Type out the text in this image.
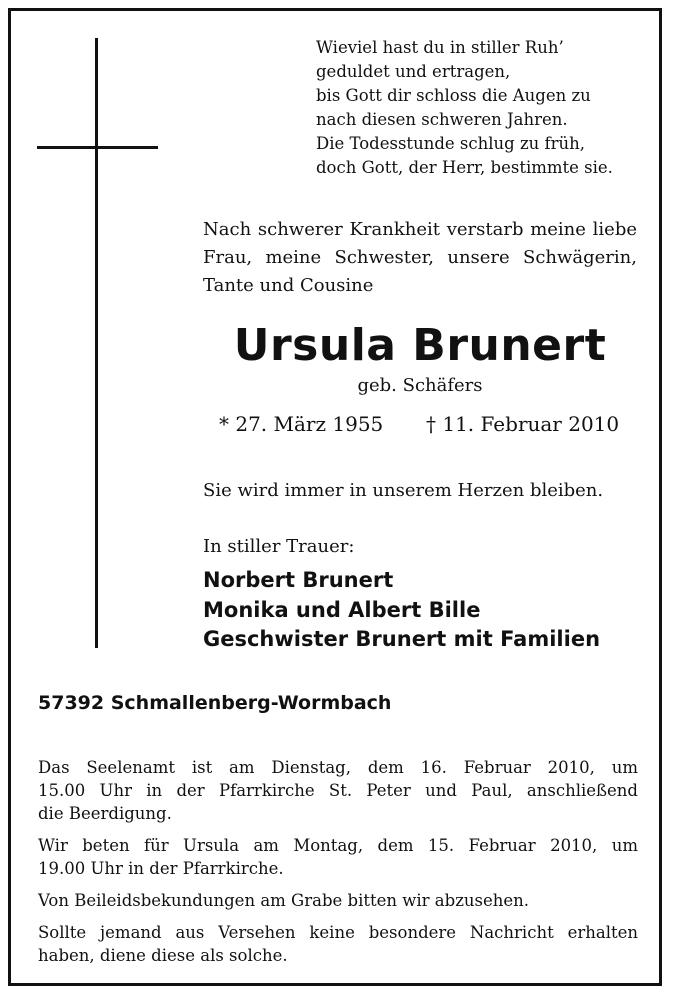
Wieviel hast du in stiller Ruh’
geduldet und ertragen,
bis Gott dir schloss die Augen zu
nach diesen schweren Jahren.
Die Todesstunde schlug zu früh,
doch Gott, der Herr, bestimmte sie.
Nach schwerer Krankheit verstarb meine liebe
Frau, meine Schwester, unsere Schwägerin,
Tante und Cousine
Ursula Brunert
geb. Schäfers
* 27. März 1955 † 11. Februar 2010
Sie wird immer in unserem Herzen bleiben.
In stiller Trauer:
Norbert Brunert
Monika und Albert Bille
Geschwister Brunert mit Familien
57392 Schmallenberg-Wormbach
Das Seelenamt ist am Dienstag, dem 16. Februar 2010, um
15.00 Uhr in der Pfarrkirche St. Peter und Paul, anschließend
die Beerdigung.
Wir beten für Ursula am Montag, dem 15. Februar 2010, um
19.00 Uhr in der Pfarrkirche.
Von Beileidsbekundungen am Grabe bitten wir abzusehen.
Sollte jemand aus Versehen keine besondere Nachricht erhalten
haben, diene diese als solche.
